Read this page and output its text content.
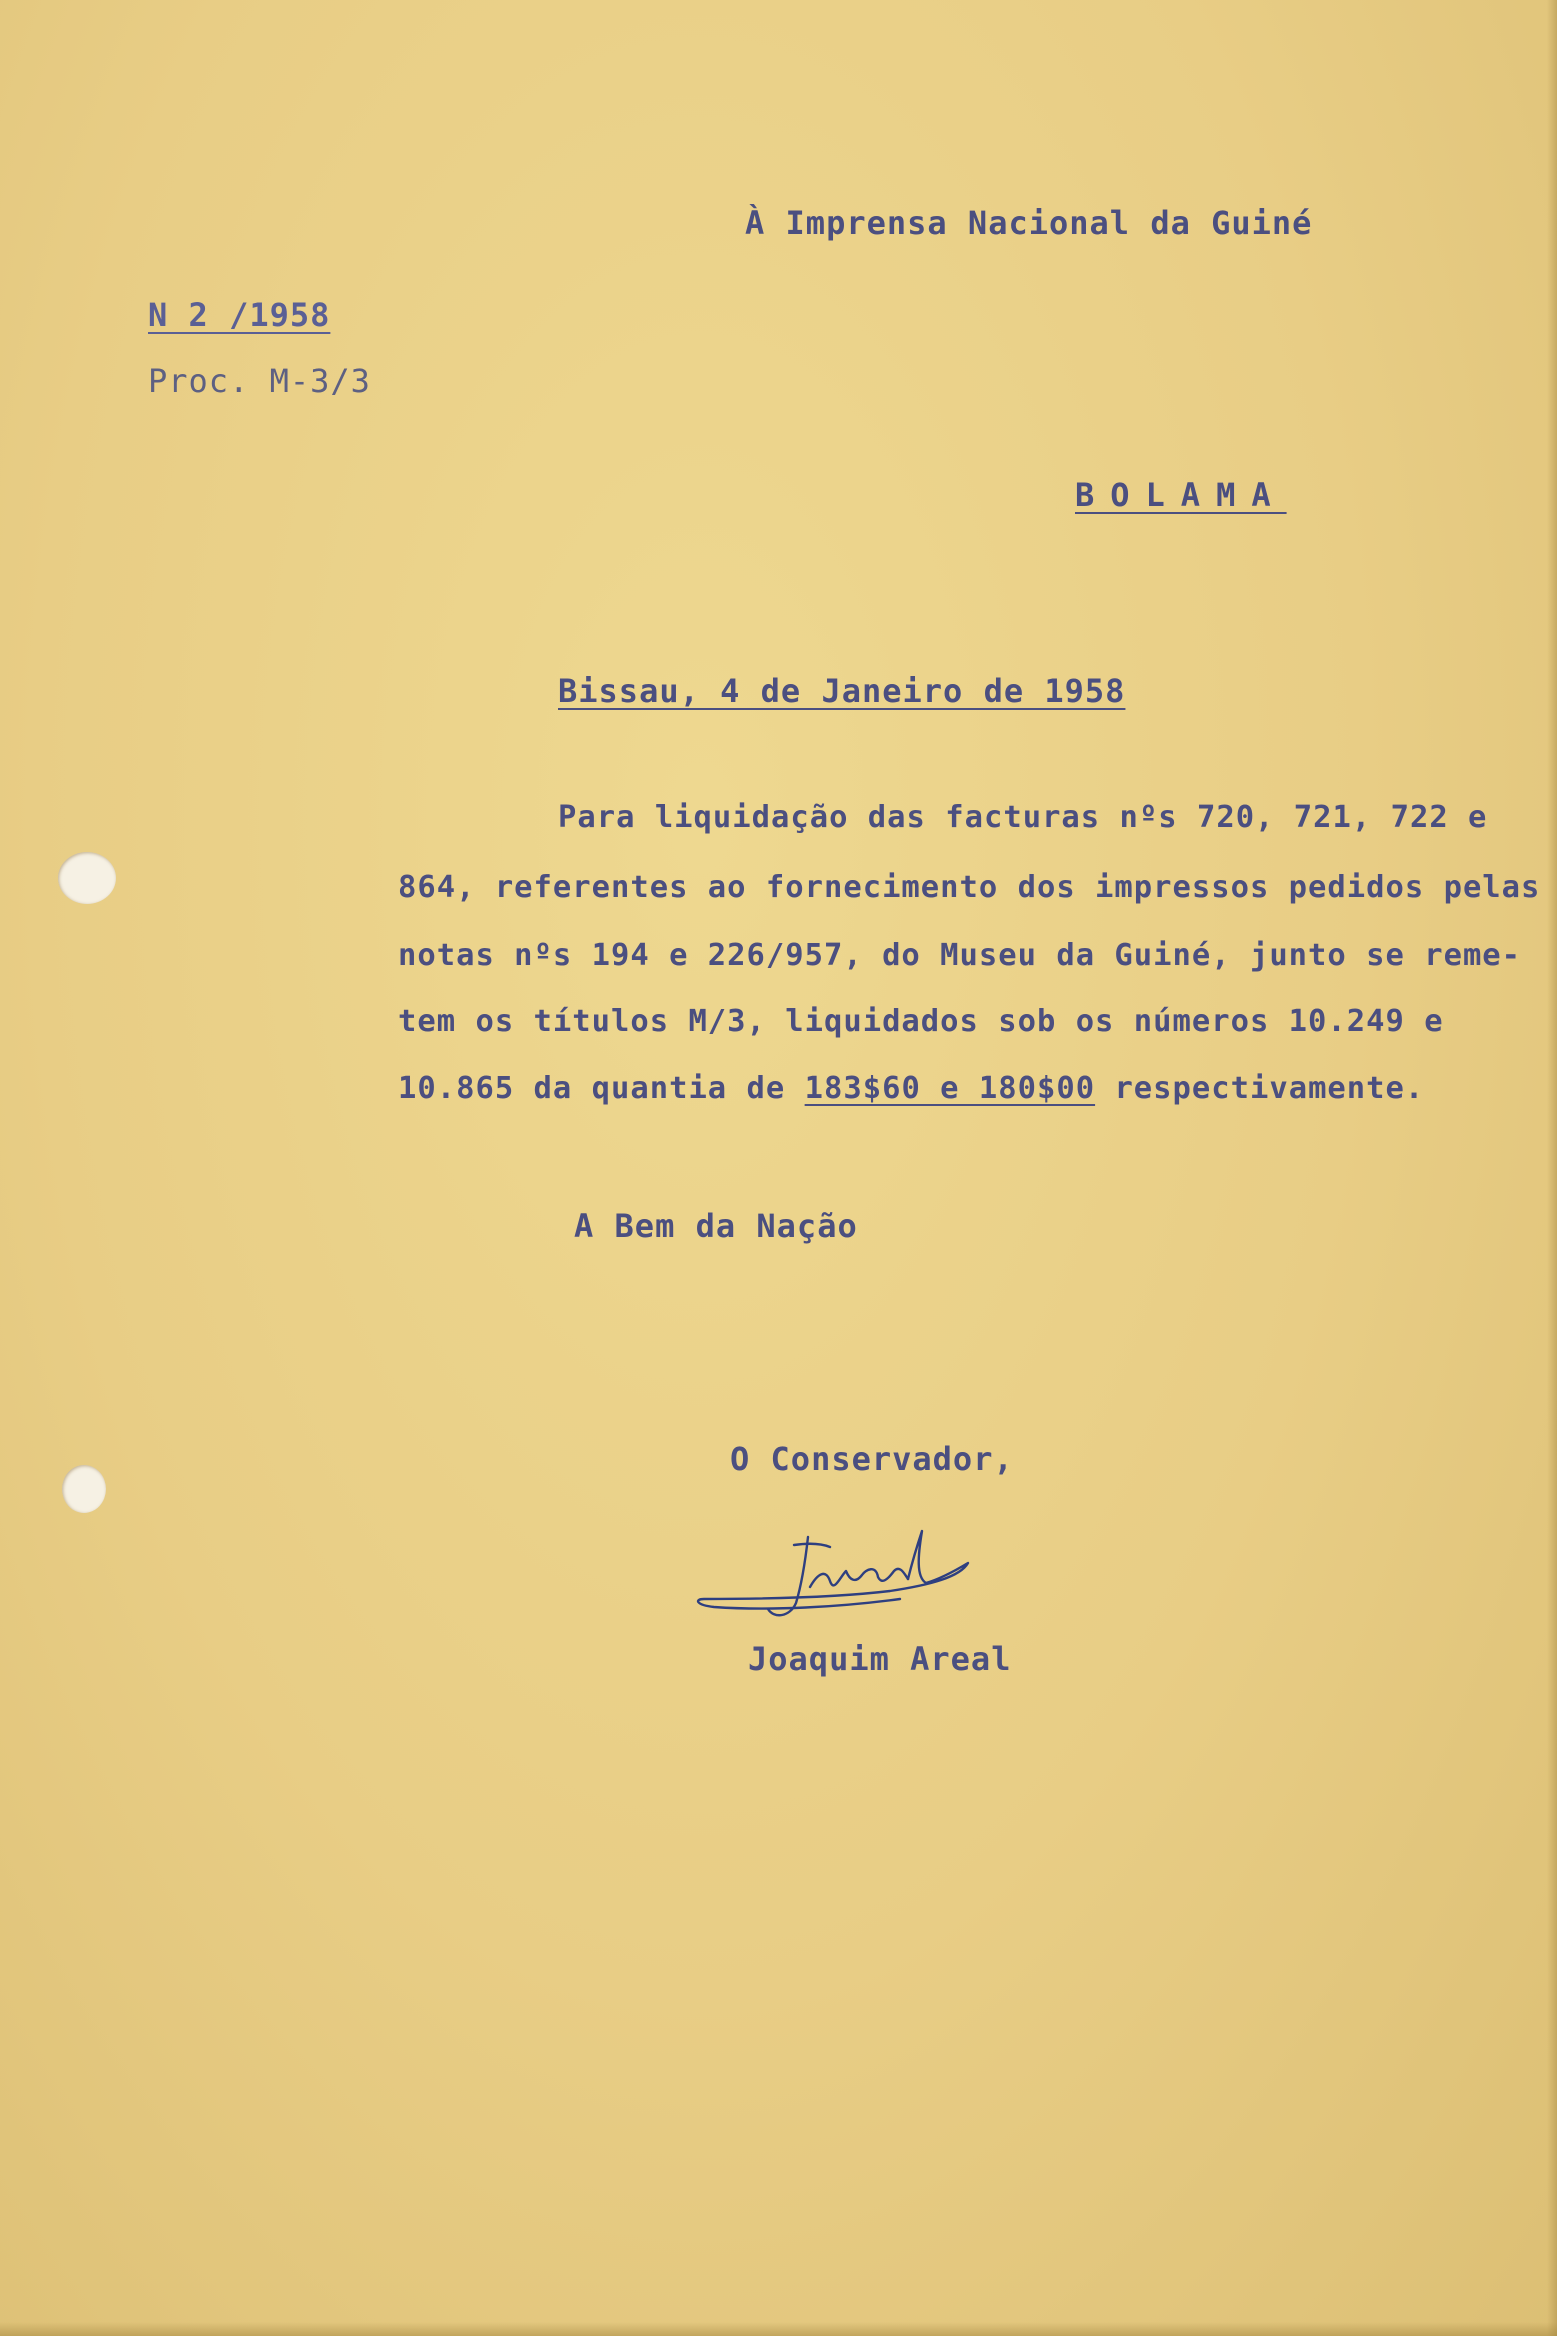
À Imprensa Nacional da Guiné
N 2 /1958
Proc. M-3/3
BOLAMA
Bissau, 4 de Janeiro de 1958
Para liquidação das facturas nºs 720, 721, 722 e
864, referentes ao fornecimento dos impressos pedidos pelas
notas nºs 194 e 226/957, do Museu da Guiné, junto se reme-
tem os títulos M/3, liquidados sob os números 10.249 e
10.865 da quantia de 183$60 e 180$00 respectivamente.
A Bem da Nação
O Conservador,
Joaquim Areal
